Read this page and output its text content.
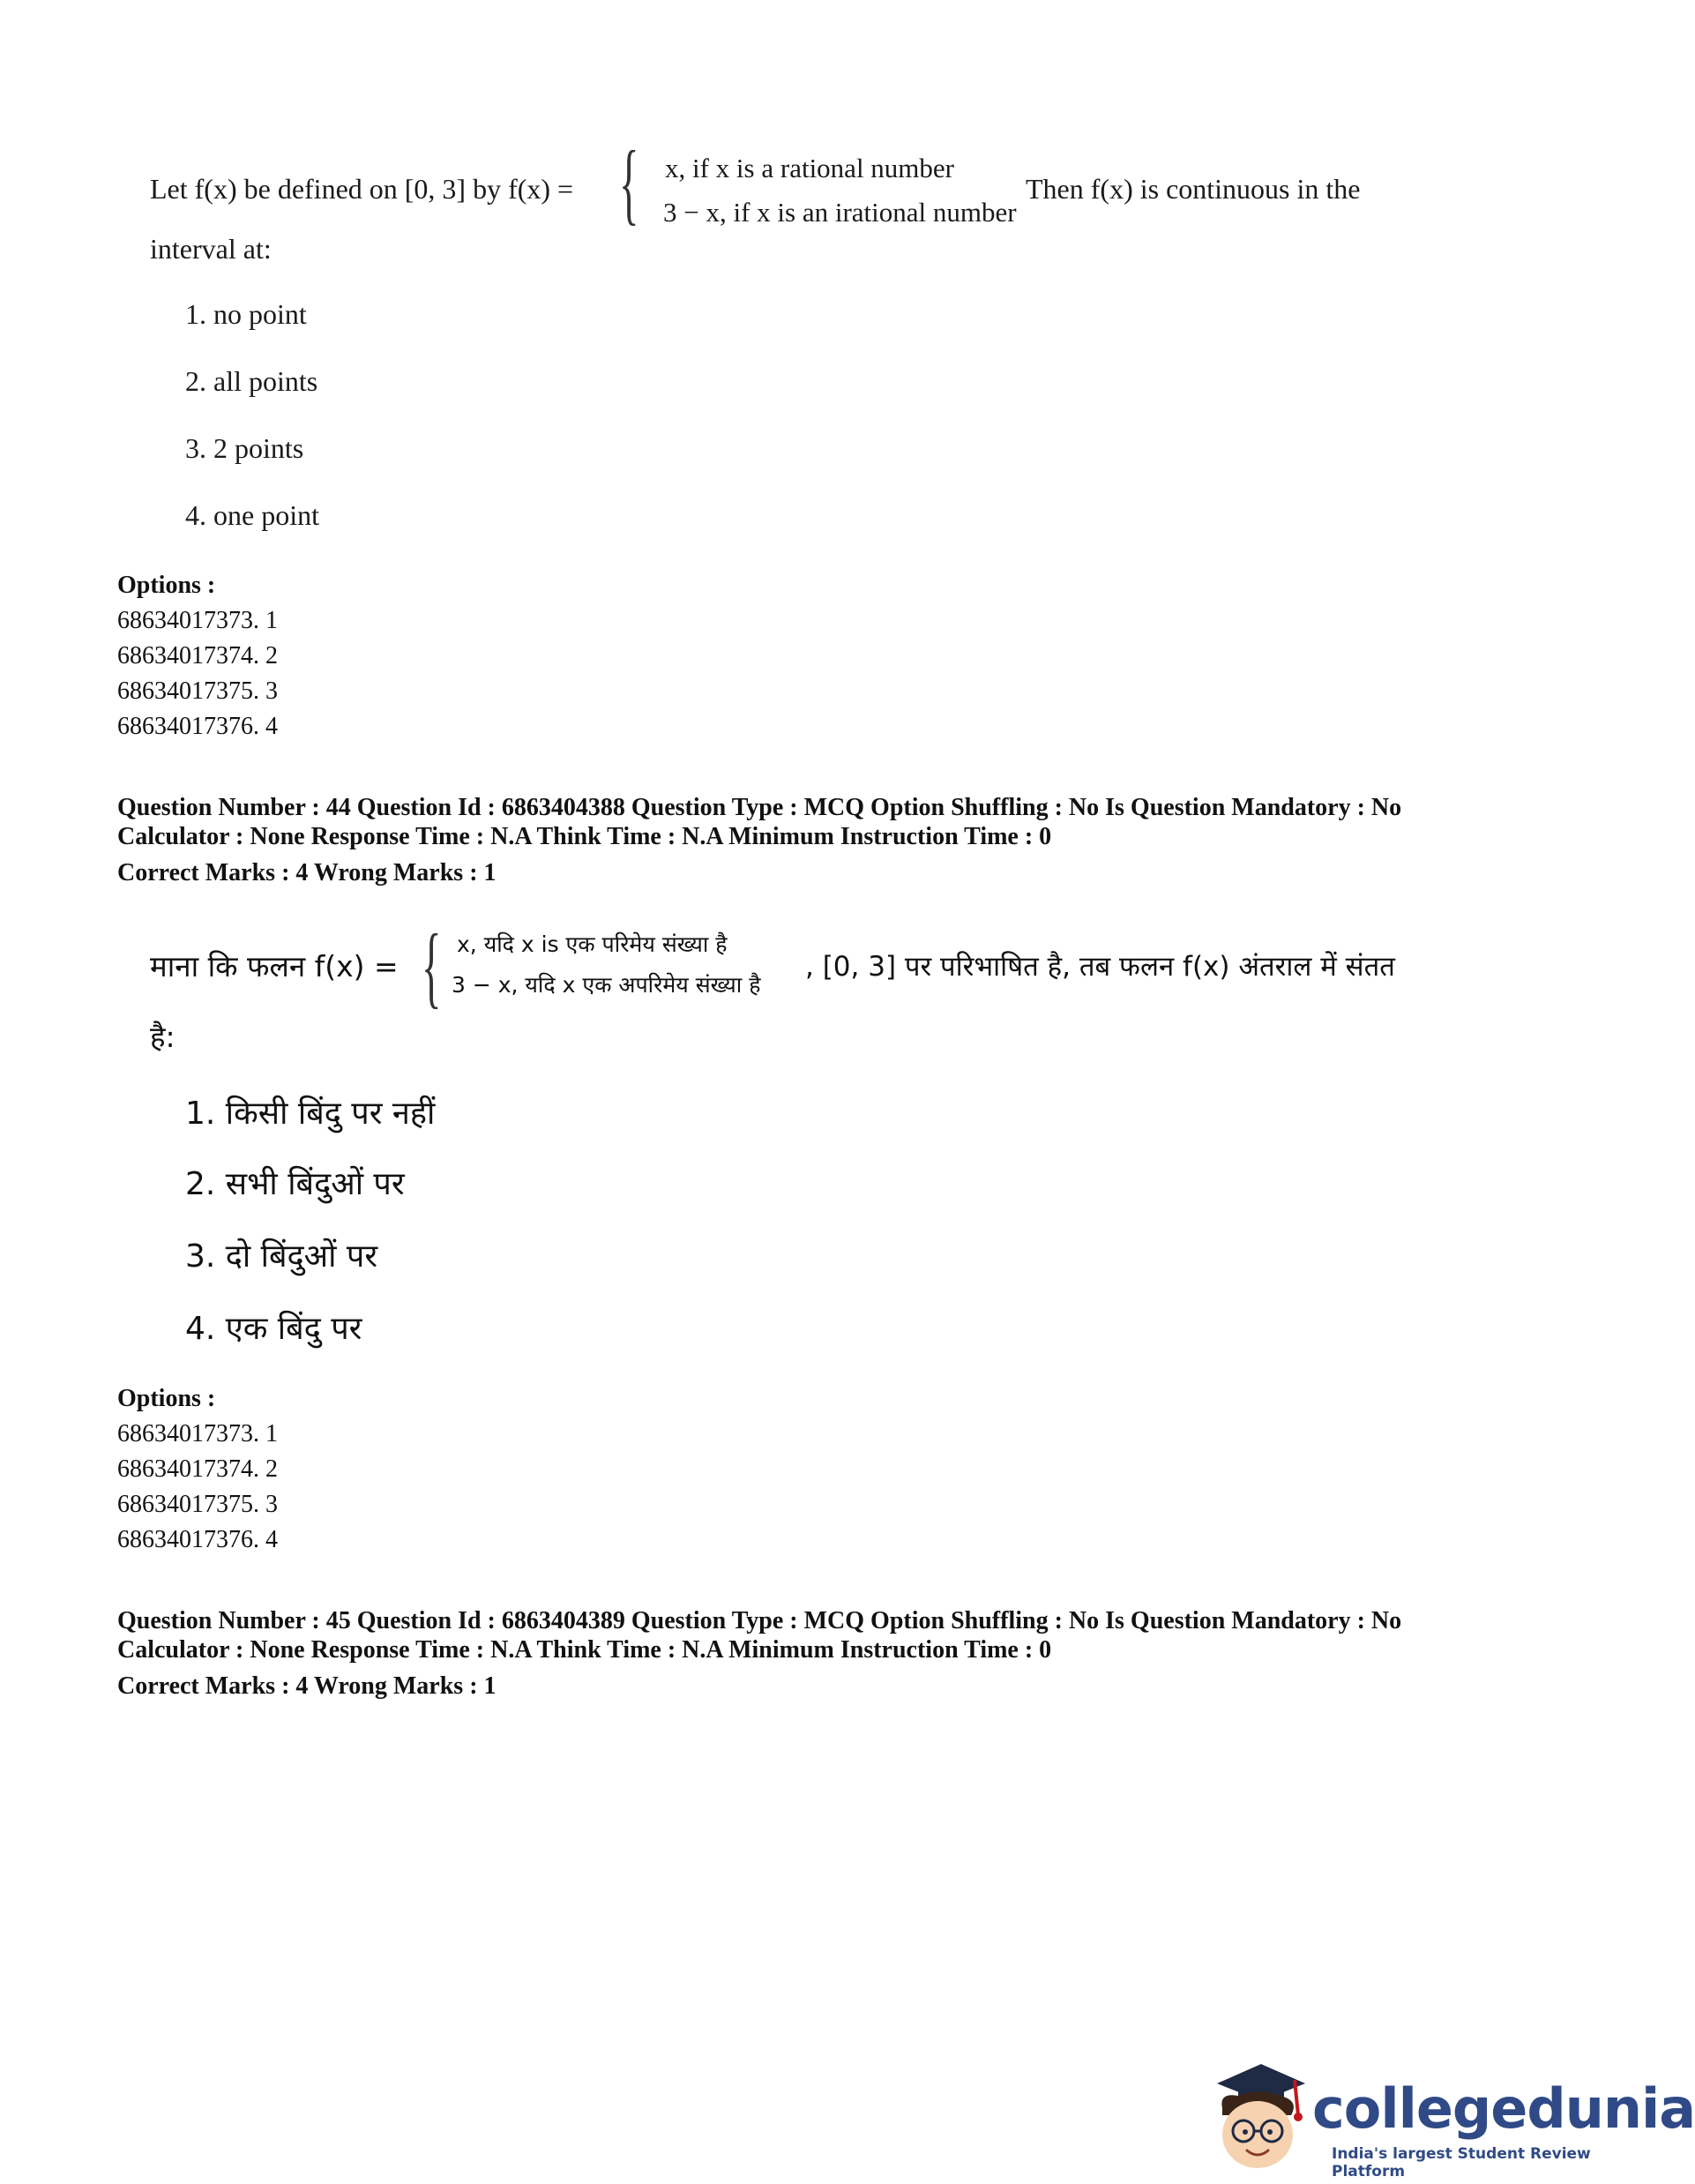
Let f(x) be defined on [0, 3] by f(x) = { x, if x is a rational number
3 − x, if x is an irational number
Then f(x) is continuous in the
interval at:
1. no point
2. all points
3. 2 points
4. one point
Options :
68634017373. 1
68634017374. 2
68634017375. 3
68634017376. 4
Question Number : 44 Question Id : 6863404388 Question Type : MCQ Option Shuffling : No Is Question Mandatory : No
Calculator : None Response Time : N.A Think Time : N.A Minimum Instruction Time : 0
Correct Marks : 4 Wrong Marks : 1
माना कि फलन f(x) = { x, यदि x is एक परिमेय संख्या है
3 − x, यदि x एक अपरिमेय संख्या है
, [0, 3] पर परिभाषित है, तब फलन f(x) अंतराल में संतत
है:
1. किसी बिंदु पर नहीं
2. सभी बिंदुओं पर
3. दो बिंदुओं पर
4. एक बिंदु पर
Options :
68634017373. 1
68634017374. 2
68634017375. 3
68634017376. 4
Question Number : 45 Question Id : 6863404389 Question Type : MCQ Option Shuffling : No Is Question Mandatory : No
Calculator : None Response Time : N.A Think Time : N.A Minimum Instruction Time : 0
Correct Marks : 4 Wrong Marks : 1
collegedunia
India's largest Student Review Platform
